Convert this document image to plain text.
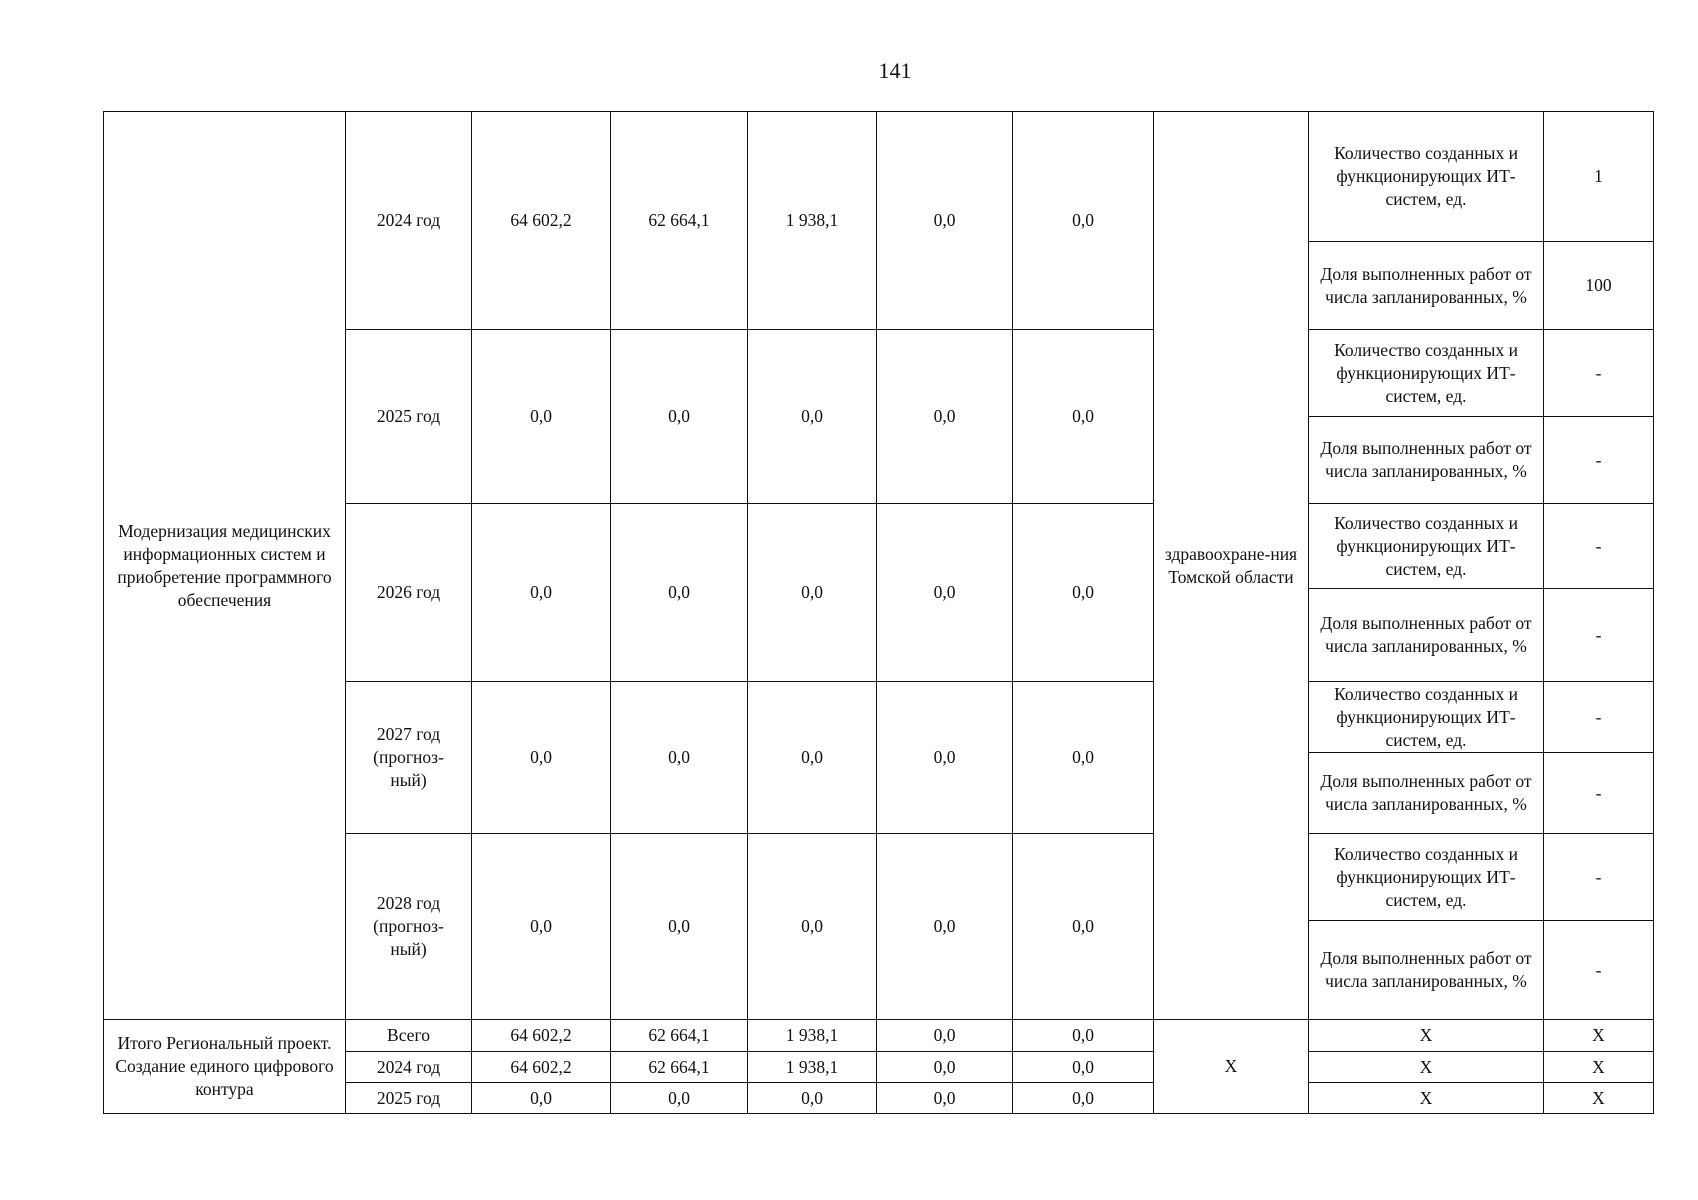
141
Модернизация медицинских информационных систем и приобретение программного обеспечения	2024 год	64 602,2	62 664,1	1 938,1	0,0	0,0	здравоохране-ния Томской области	Количество созданных и функционирующих ИТ-систем, ед.	1
								Доля выполненных работ от числа запланированных, %	100
	2025 год	0,0	0,0	0,0	0,0	0,0		Количество созданных и функционирующих ИТ-систем, ед.	-
								Доля выполненных работ от числа запланированных, %	-
	2026 год	0,0	0,0	0,0	0,0	0,0		Количество созданных и функционирующих ИТ-систем, ед.	-
								Доля выполненных работ от числа запланированных, %	-
	2027 год (прогноз-ный)	0,0	0,0	0,0	0,0	0,0		Количество созданных и функционирующих ИТ-систем, ед.	-
								Доля выполненных работ от числа запланированных, %	-
	2028 год (прогноз-ный)	0,0	0,0	0,0	0,0	0,0		Количество созданных и функционирующих ИТ-систем, ед.	-
								Доля выполненных работ от числа запланированных, %	-
Итого Региональный проект. Создание единого цифрового контура	Всего	64 602,2	62 664,1	1 938,1	0,0	0,0	X	X	X
	2024 год	64 602,2	62 664,1	1 938,1	0,0	0,0		X	X
	2025 год	0,0	0,0	0,0	0,0	0,0		X	X
